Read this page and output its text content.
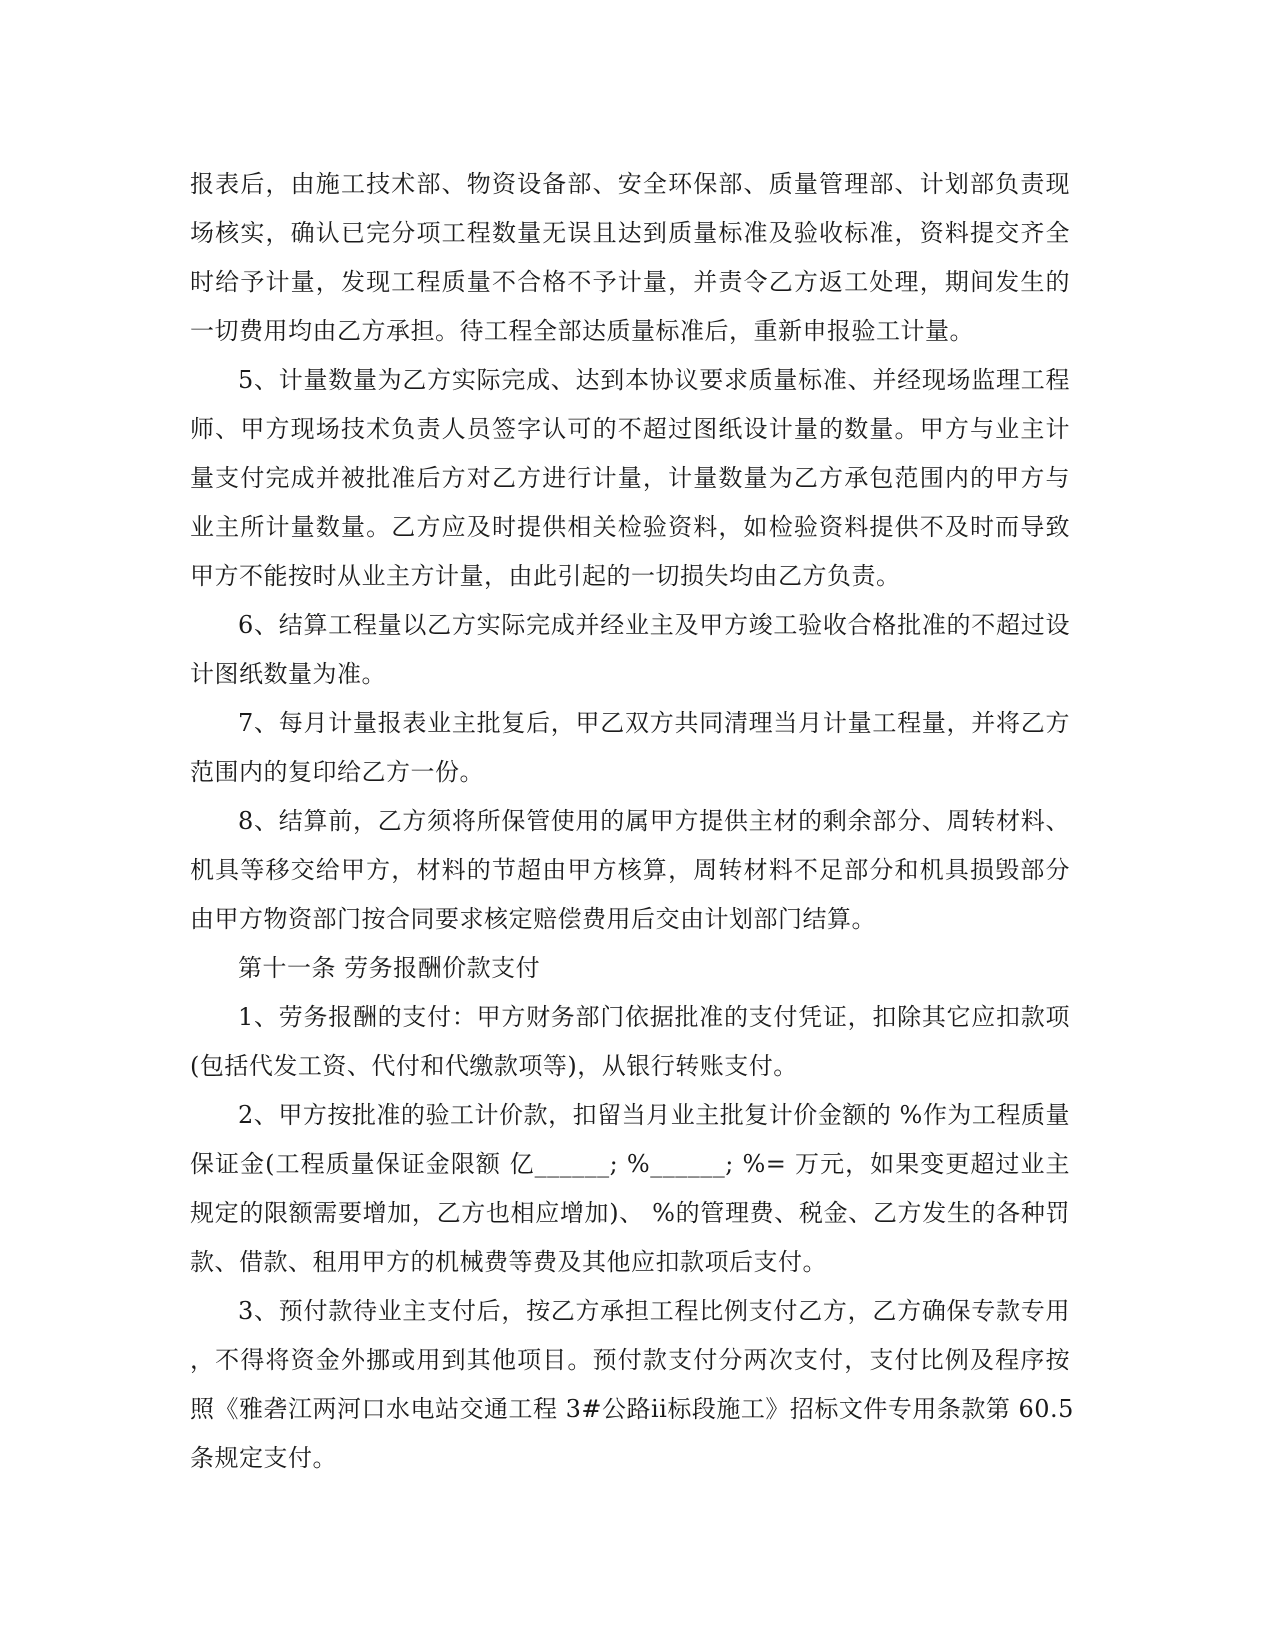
报表后，由施工技术部、物资设备部、安全环保部、质量管理部、计划部负责现
场核实，确认已完分项工程数量无误且达到质量标准及验收标准，资料提交齐全
时给予计量，发现工程质量不合格不予计量，并责令乙方返工处理，期间发生的
一切费用均由乙方承担。待工程全部达质量标准后，重新申报验工计量。
5、计量数量为乙方实际完成、达到本协议要求质量标准、并经现场监理工程
师、甲方现场技术负责人员签字认可的不超过图纸设计量的数量。甲方与业主计
量支付完成并被批准后方对乙方进行计量，计量数量为乙方承包范围内的甲方与
业主所计量数量。乙方应及时提供相关检验资料，如检验资料提供不及时而导致
甲方不能按时从业主方计量，由此引起的一切损失均由乙方负责。
6、结算工程量以乙方实际完成并经业主及甲方竣工验收合格批准的不超过设
计图纸数量为准。
7、每月计量报表业主批复后，甲乙双方共同清理当月计量工程量，并将乙方
范围内的复印给乙方一份。
8、结算前，乙方须将所保管使用的属甲方提供主材的剩余部分、周转材料、
机具等移交给甲方，材料的节超由甲方核算，周转材料不足部分和机具损毁部分
由甲方物资部门按合同要求核定赔偿费用后交由计划部门结算。
第十一条 劳务报酬价款支付
1、劳务报酬的支付：甲方财务部门依据批准的支付凭证，扣除其它应扣款项
(包括代发工资、代付和代缴款项等)，从银行转账支付。
2、甲方按批准的验工计价款，扣留当月业主批复计价金额的 %作为工程质量
保证金(工程质量保证金限额 亿______; %______; %= 万元，如果变更超过业主
规定的限额需要增加，乙方也相应增加)、 %的管理费、税金、乙方发生的各种罚
款、借款、租用甲方的机械费等费及其他应扣款项后支付。
3、预付款待业主支付后，按乙方承担工程比例支付乙方，乙方确保专款专用
，不得将资金外挪或用到其他项目。预付款支付分两次支付，支付比例及程序按
照《雅砻江两河口水电站交通工程 3#公路ii标段施工》招标文件专用条款第 60.5
条规定支付。
